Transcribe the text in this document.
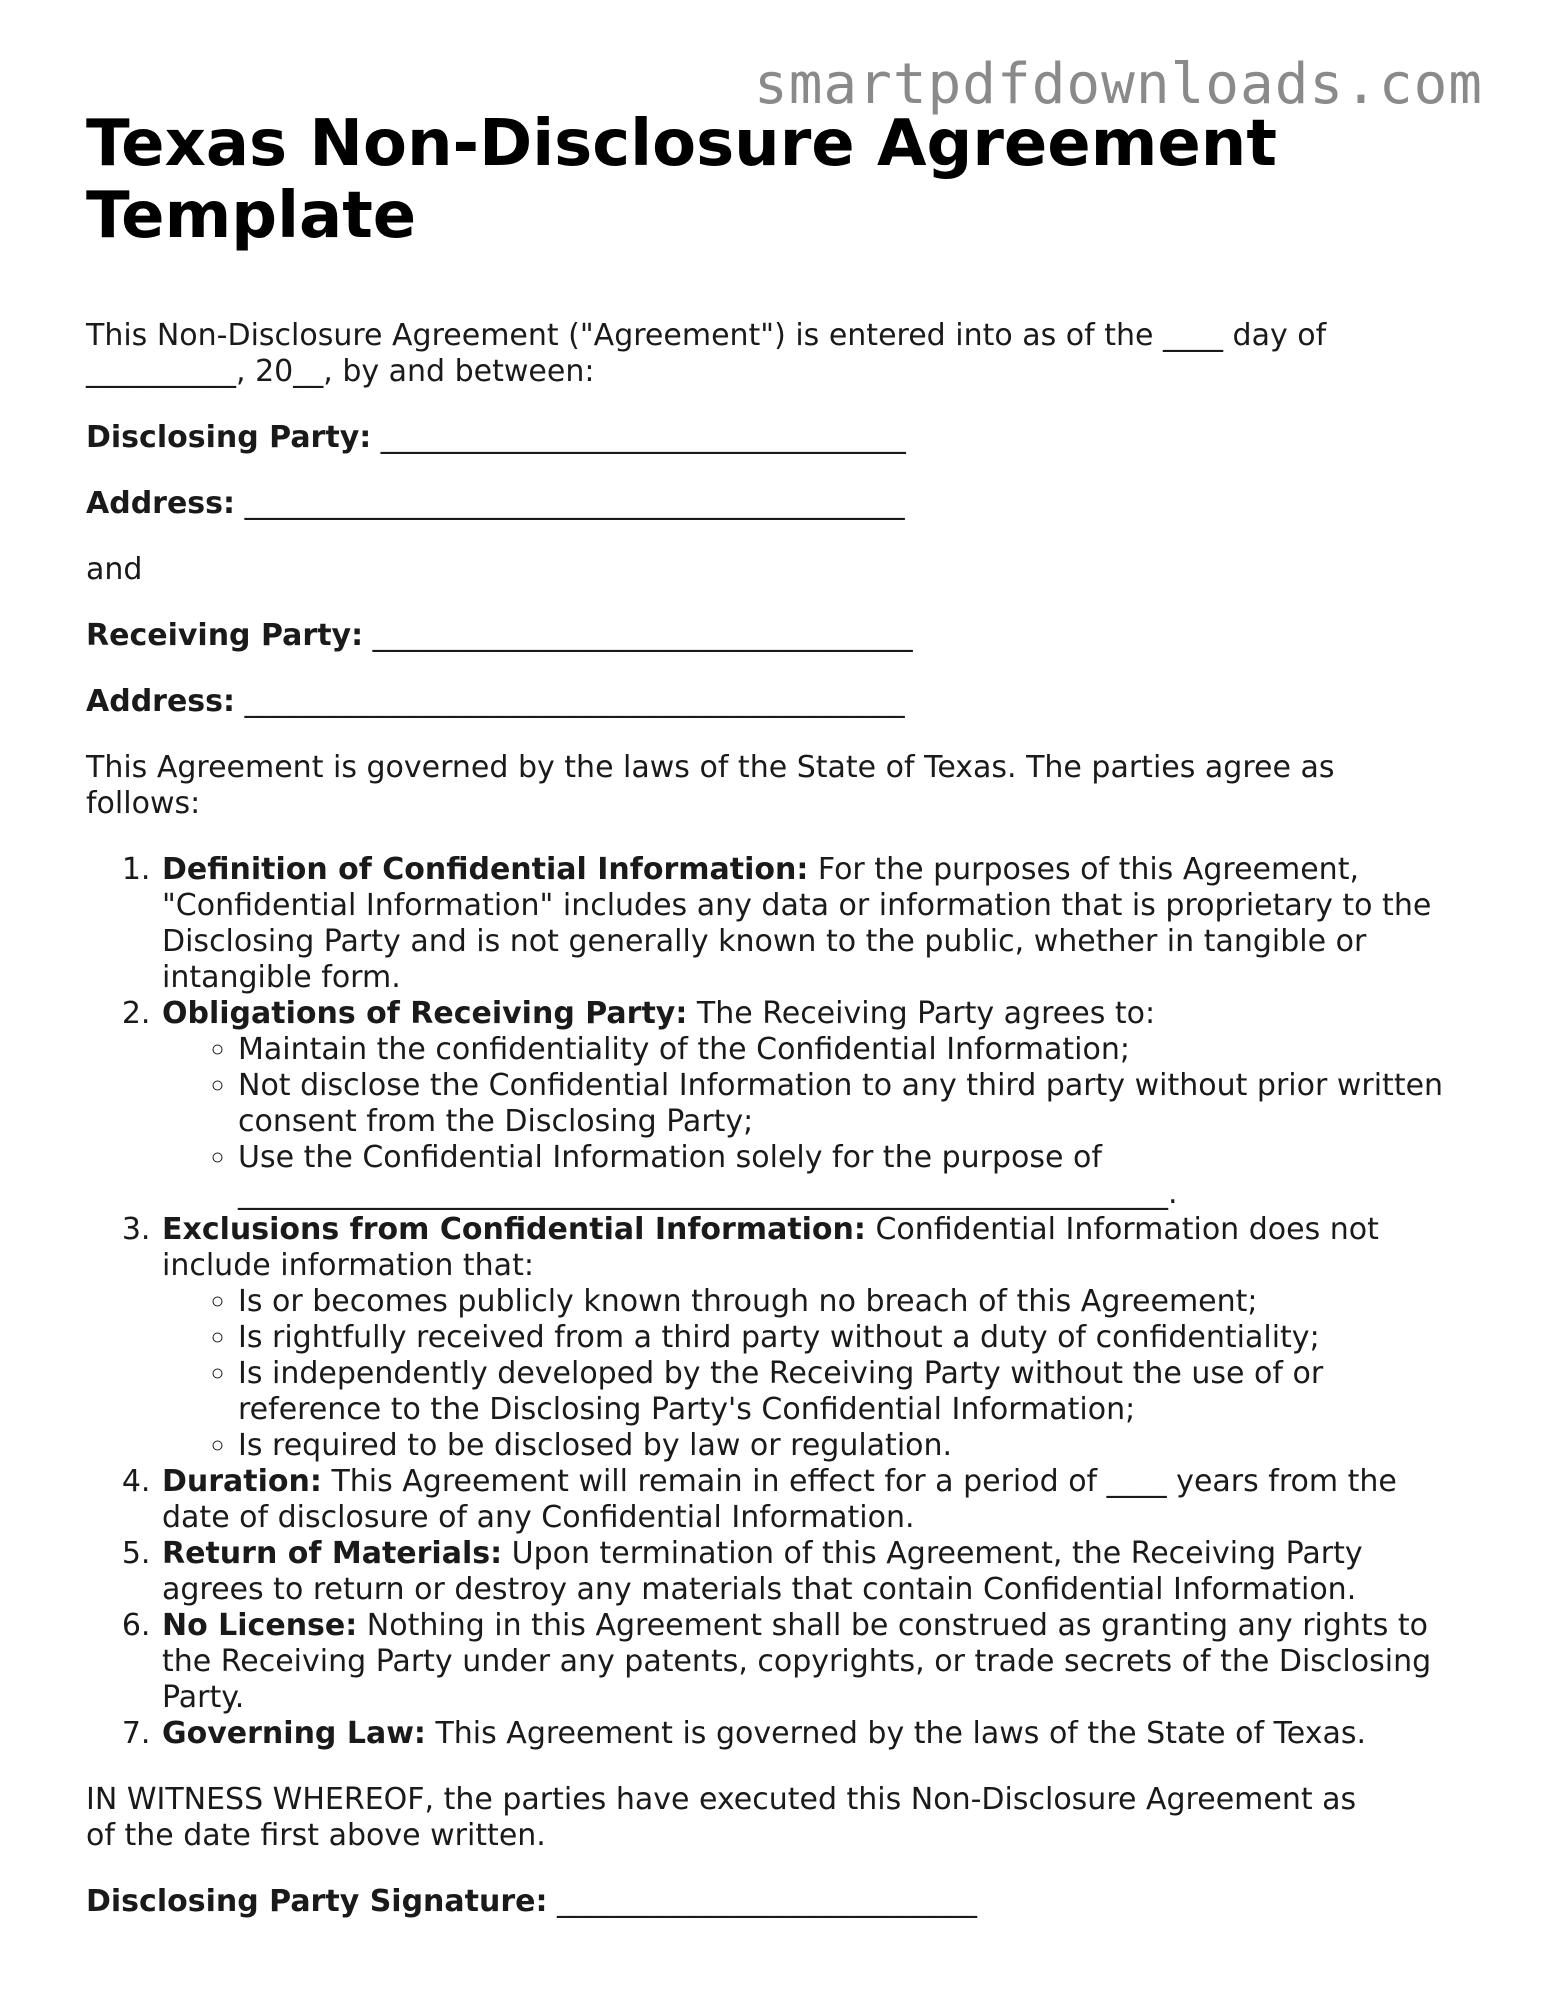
smartpdfdownloads.com
Texas Non-Disclosure Agreement Template

This Non-Disclosure Agreement ("Agreement") is entered into as of the ____ day of __________, 20__, by and between:

Disclosing Party: ___________________________________

Address: ____________________________________________

and

Receiving Party: ____________________________________

Address: ____________________________________________

This Agreement is governed by the laws of the State of Texas. The parties agree as follows:

1. Definition of Confidential Information: For the purposes of this Agreement, "Confidential Information" includes any data or information that is proprietary to the Disclosing Party and is not generally known to the public, whether in tangible or intangible form.
2. Obligations of Receiving Party: The Receiving Party agrees to:
◦ Maintain the confidentiality of the Confidential Information;
◦ Not disclose the Confidential Information to any third party without prior written consent from the Disclosing Party;
◦ Use the Confidential Information solely for the purpose of ______________________________________________________________.
3. Exclusions from Confidential Information: Confidential Information does not include information that:
◦ Is or becomes publicly known through no breach of this Agreement;
◦ Is rightfully received from a third party without a duty of confidentiality;
◦ Is independently developed by the Receiving Party without the use of or reference to the Disclosing Party's Confidential Information;
◦ Is required to be disclosed by law or regulation.
4. Duration: This Agreement will remain in effect for a period of ____ years from the date of disclosure of any Confidential Information.
5. Return of Materials: Upon termination of this Agreement, the Receiving Party agrees to return or destroy any materials that contain Confidential Information.
6. No License: Nothing in this Agreement shall be construed as granting any rights to the Receiving Party under any patents, copyrights, or trade secrets of the Disclosing Party.
7. Governing Law: This Agreement is governed by the laws of the State of Texas.

IN WITNESS WHEREOF, the parties have executed this Non-Disclosure Agreement as of the date first above written.

Disclosing Party Signature: ____________________________
